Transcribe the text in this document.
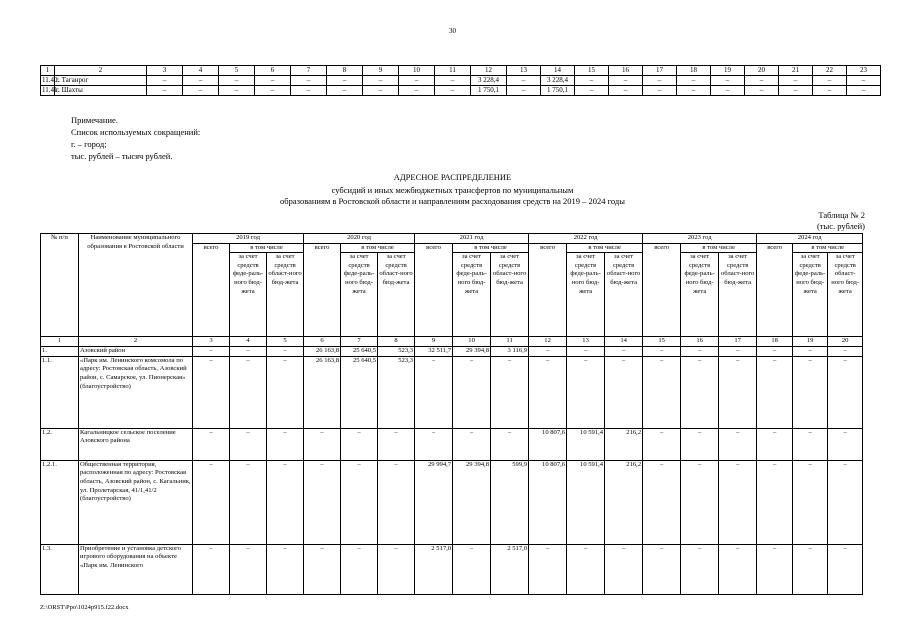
30
1	2	3	4	5	6	7	8	9	10	11	12	13	14	15	16	17	18	19	20	21	22	23
11.40.	г. Таганрог	–	–	–	–	–	–	–	–	–	3 228,4	–	3 228,4	–	–	–	–	–	–	–	–	–
11.41.	г. Шахты	–	–	–	–	–	–	–	–	–	1 750,1	–	1 750,1	–	–	–	–	–	–	–	–	–
Примечание.
Список используемых сокращений:
г. – город;
тыс. рублей – тысяч рублей.
АДРЕСНОЕ РАСПРЕДЕЛЕНИЕ
субсидий и иных межбюджетных трансфертов по муниципальным
образованиям в Ростовской области и направлениям расходования средств на 2019 – 2024 годы
Таблица № 2
(тыс. рублей)
№ п/п	Наименование муниципального образования в Ростовской области	2019 год			2020 год			2021 год			2022 год			2023 год			2024 год		
		всего	в том числе		всего	в том числе		всего	в том числе		всего	в том числе		всего	в том числе		всего	в том числе	
			за счет средств феде-раль-ного бюд-жета	за счет средств област-ного бюд-жета		за счет средств феде-раль-ного бюд-жета	за счет средств област-ного бюд-жета		за счет средств феде-раль-ного бюд-жета	за счет средств област-ного бюд-жета		за счет средств феде-раль-ного бюд-жета	за счет средств област-ного бюд-жета		за счет средств феде-раль-ного бюд-жета	за счет средств област-ного бюд-жета		за счет средств феде-раль-ного бюд-жета	за счет средств област-ного бюд-жета
1	2	3	4	5	6	7	8	9	10	11	12	13	14	15	16	17	18	19	20
1.	Азовский район	–	–	–	26 163,8	25 640,5	523,3	32 511,7	29 394,8	3 116,9	–	–	–	–	–	–	–	–	–
1.1.	«Парк им. Ленинского комсомола по адресу: Ростовская область, Азовский район, с. Самарское, ул. Пионерская» (благоустройство)	–	–	–	26 163,8	25 640,5	523,3	–	–	–	–	–	–	–	–	–	–	–	–
1.2.	Кагальницкое сельское поселение Азовского района	–	–	–	–	–	–	–	–	–	10 807,6	10 591,4	216,2	–	–	–	–	–	–
1.2.1.	Общественная территория, расположенная по адресу: Ростовская область, Азовский район, с. Кагальник, ул. Пролетарская, 41/1,41/2 (благоустройство)	–	–	–	–	–	–	29 994,7	29 394,8	599,9	10 807,6	10 591,4	216,2	–	–	–	–	–	–
1.3.	Приобретение и установка детского игрового оборудования на объекте «Парк им. Ленинского	–	–	–	–	–	–	2 517,0	–	2 517,0	–	–	–	–	–	–	–	–	–
Z:\ORST\Ppo\1024p915.f22.docx
